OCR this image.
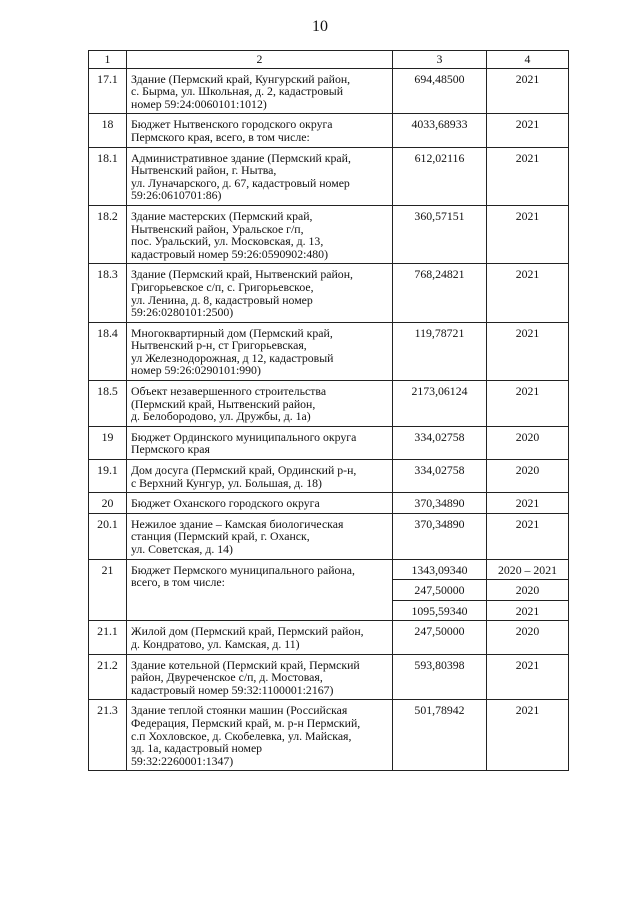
10
1	2	3	4
17.1	Здание (Пермский край, Кунгурский район,
с. Бырма, ул. Школьная, д. 2, кадастровый
номер 59:24:0060101:1012)	694,48500	2021
18	Бюджет Нытвенского городского округа
Пермского края, всего, в том числе:	4033,68933	2021
18.1	Административное здание (Пермский край,
Нытвенский район, г. Нытва,
ул. Луначарского, д. 67, кадастровый номер
59:26:0610701:86)	612,02116	2021
18.2	Здание мастерских (Пермский край,
Нытвенский район, Уральское г/п,
пос. Уральский, ул. Московская, д. 13,
кадастровый номер 59:26:0590902:480)	360,57151	2021
18.3	Здание (Пермский край, Нытвенский район,
Григорьевское с/п, с. Григорьевское,
ул. Ленина, д. 8, кадастровый номер
59:26:0280101:2500)	768,24821	2021
18.4	Многоквартирный дом (Пермский край,
Нытвенский р-н, ст Григорьевская,
ул Железнодорожная, д 12, кадастровый
номер 59:26:0290101:990)	119,78721	2021
18.5	Объект незавершенного строительства
(Пермский край, Нытвенский район,
д. Белобородово, ул. Дружбы, д. 1а)	2173,06124	2021
19	Бюджет Ординского муниципального округа
Пермского края	334,02758	2020
19.1	Дом досуга (Пермский край, Ординский р-н,
с Верхний Кунгур, ул. Большая, д. 18)	334,02758	2020
20	Бюджет Оханского городского округа	370,34890	2021
20.1	Нежилое здание – Камская биологическая
станция (Пермский край, г. Оханск,
ул. Советская, д. 14)	370,34890	2021
21	Бюджет Пермского муниципального района,
всего, в том числе:	1343,09340	2020 – 2021
		247,50000	2020
		1095,59340	2021
21.1	Жилой дом (Пермский край, Пермский район,
д. Кондратово, ул. Камская, д. 11)	247,50000	2020
21.2	Здание котельной (Пермский край, Пермский
район, Двуреченское с/п, д. Мостовая,
кадастровый номер 59:32:1100001:2167)	593,80398	2021
21.3	Здание теплой стоянки машин (Российская
Федерация, Пермский край, м. р-н Пермский,
с.п Хохловское, д. Скобелевка, ул. Майская,
зд. 1а, кадастровый номер
59:32:2260001:1347)	501,78942	2021
